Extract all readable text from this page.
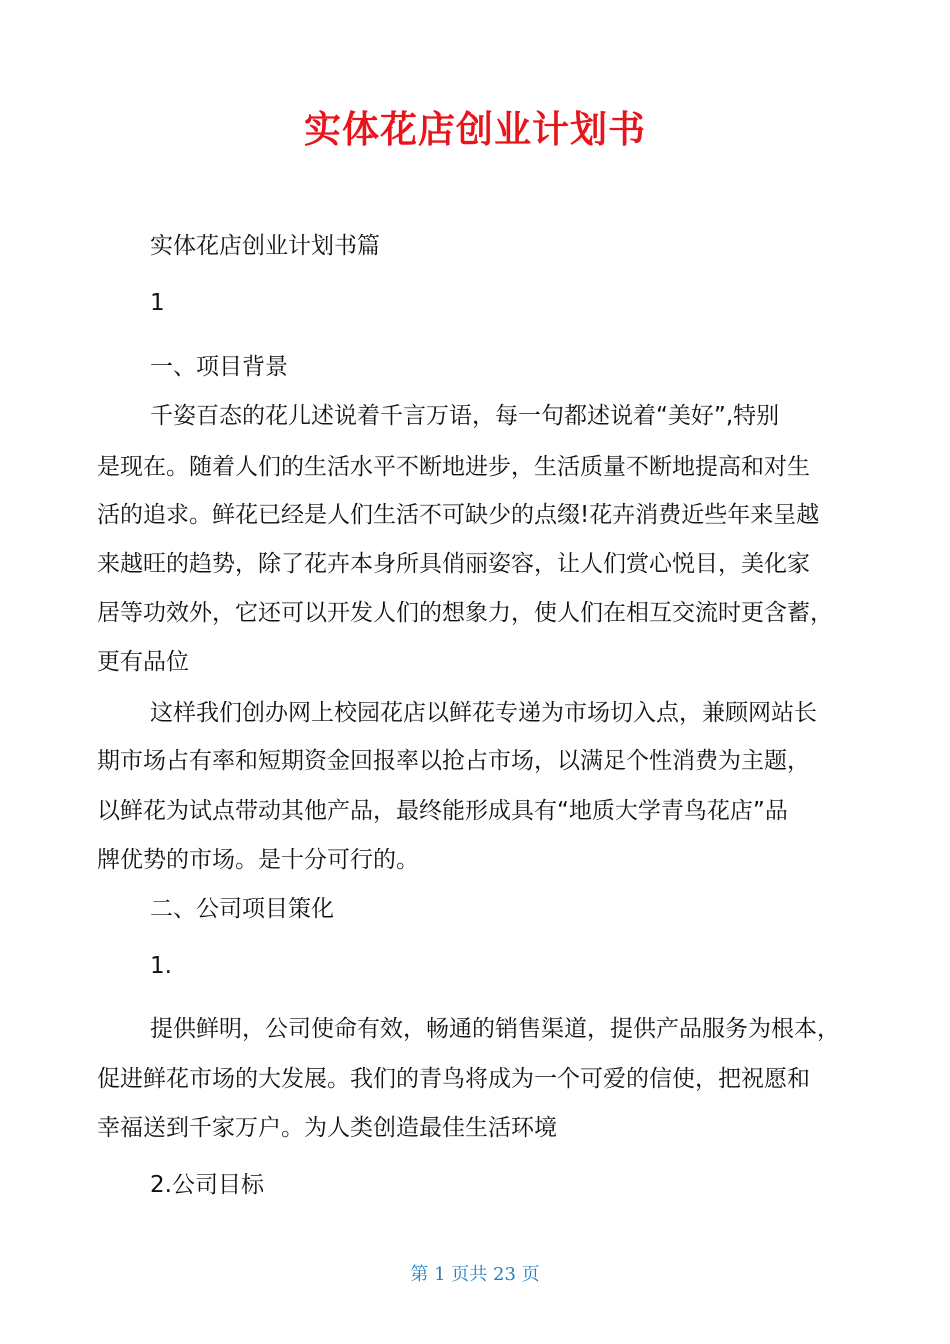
实体花店创业计划书

实体花店创业计划书篇

1

一、项目背景

千姿百态的花儿述说着千言万语，每一句都述说着“美好”,特别

是现在。随着人们的生活水平不断地进步，生活质量不断地提高和对生

活的追求。鲜花已经是人们生活不可缺少的点缀!花卉消费近些年来呈越

来越旺的趋势，除了花卉本身所具俏丽姿容，让人们赏心悦目，美化家

居等功效外，它还可以开发人们的想象力，使人们在相互交流时更含蓄，

更有品位

这样我们创办网上校园花店以鲜花专递为市场切入点，兼顾网站长

期市场占有率和短期资金回报率以抢占市场，以满足个性消费为主题，

以鲜花为试点带动其他产品，最终能形成具有“地质大学青鸟花店”品

牌优势的市场。是十分可行的。

二、公司项目策化

1.

提供鲜明，公司使命有效，畅通的销售渠道，提供产品服务为根本，

促进鲜花市场的大发展。我们的青鸟将成为一个可爱的信使，把祝愿和

幸福送到千家万户。为人类创造最佳生活环境

2.公司目标

第 1 页共 23 页
